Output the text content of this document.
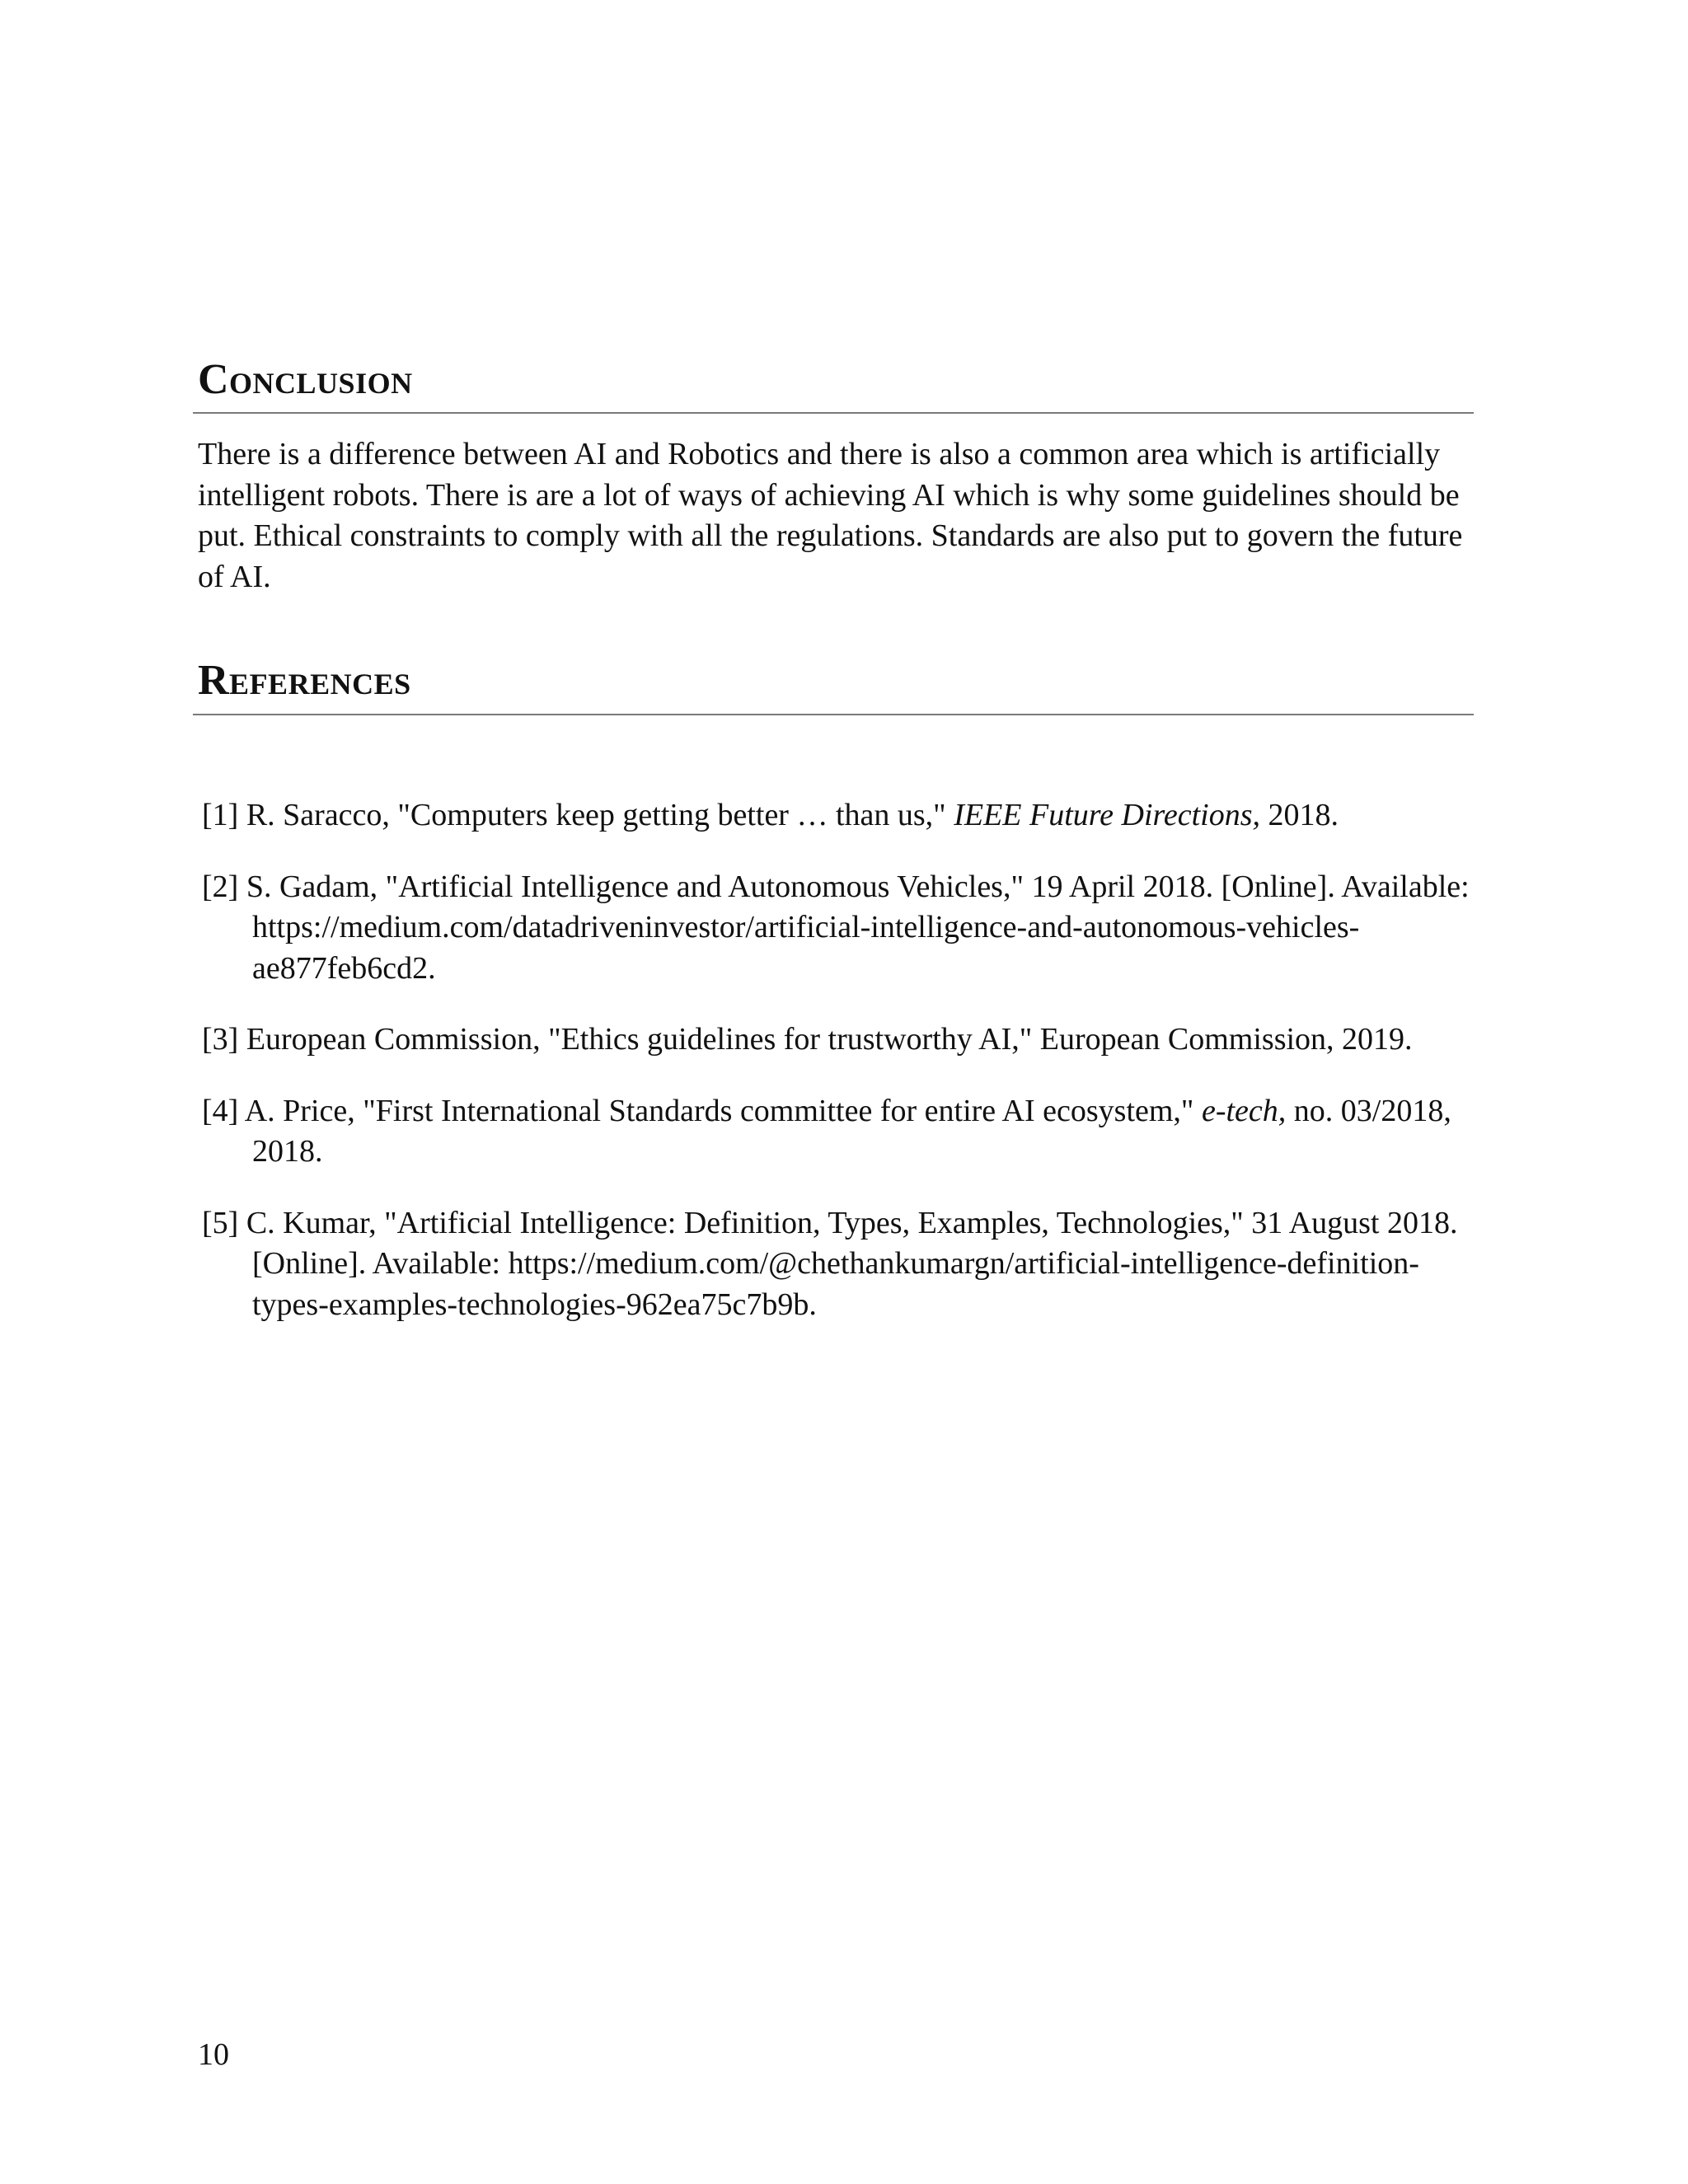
Conclusion

There is a difference between AI and Robotics and there is also a common area which is artificially intelligent robots. There is are a lot of ways of achieving AI which is why some guidelines should be put. Ethical constraints to comply with all the regulations. Standards are also put to govern the future of AI.

References
[1] R. Saracco, "Computers keep getting better … than us," IEEE Future Directions, 2018.
[2] S. Gadam, "Artificial Intelligence and Autonomous Vehicles," 19 April 2018. [Online]. Available: https://medium.com/datadriveninvestor/artificial-intelligence-and-autonomous-vehicles-ae877feb6cd2.
[3] European Commission, "Ethics guidelines for trustworthy AI," European Commission, 2019.
[4] A. Price, "First International Standards committee for entire AI ecosystem," e-tech, no. 03/2018, 2018.
[5] C. Kumar, "Artificial Intelligence: Definition, Types, Examples, Technologies," 31 August 2018. [Online]. Available: https://medium.com/@chethankumargn/artificial-intelligence-definition-types-examples-technologies-962ea75c7b9b.

10
